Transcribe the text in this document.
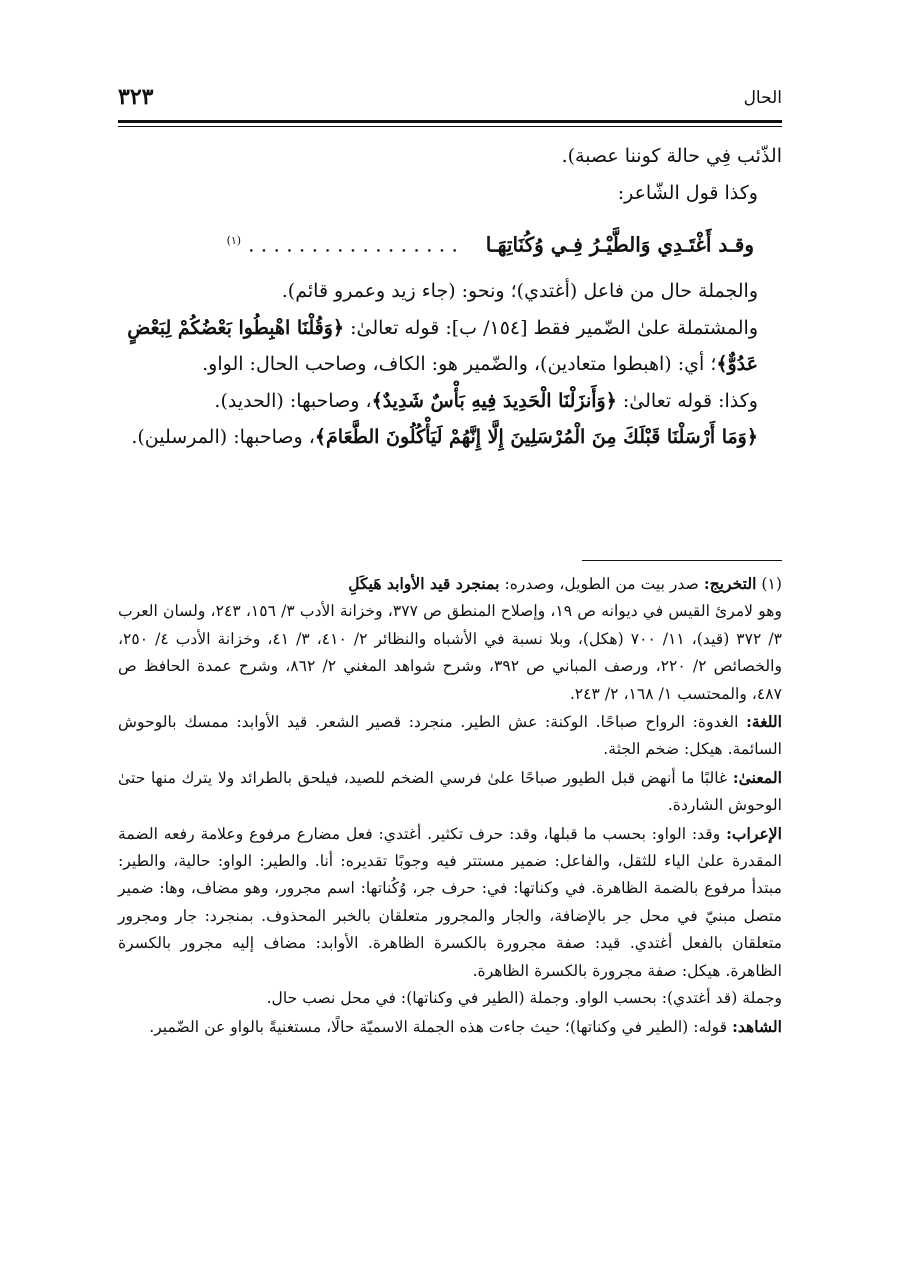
٣٢٣	الحال

الذّئب فِي حالة كوننا عصبة).

وكذا قول الشّاعر:

وقـد أَغْتَـدِي وَالطَّيْـرُ فِـي وُكُنَاتِهَـا    . . . . . . . . . . . . . . . . . $^{(١)}$

والجملة حال من فاعل (أغتدي)؛ ونحو: (جاء زيد وعمرو قائم).

والمشتملة علىٰ الضّمير فقط [١٥٤/ ب]: قوله تعالىٰ: ﴿وَقُلْنَا اهْبِطُوا بَعْضُكُمْ لِبَعْضٍ عَدُوٌّ﴾؛ أي: (اهبطوا متعادين)، والضّمير هو: الكاف، وصاحب الحال: الواو.

وكذا: قوله تعالىٰ: ﴿وَأَنزَلْنَا الْحَدِيدَ فِيهِ بَأْسٌ شَدِيدٌ﴾، وصاحبها: (الحديد).

﴿وَمَا أَرْسَلْنَا قَبْلَكَ مِنَ الْمُرْسَلِينَ إِلَّا إِنَّهُمْ لَيَأْكُلُونَ الطَّعَامَ﴾، وصاحبها: (المرسلين).

(١) التخريج: صدر بيت من الطويل، وصدره: بمنجرد قيد الأوابد هَيكَلِ

وهو لامرئ القيس في ديوانه ص ١٩، وإصلاح المنطق ص ٣٧٧، وخزانة الأدب ٣/ ١٥٦، ٢٤٣، ولسان العرب ٣/ ٣٧٢ (قيد)، ١١/ ٧٠٠ (هكل)، وبلا نسبة في الأشباه والنظائر ٢/ ٤١٠، ٣/ ٤١، وخزانة الأدب ٤/ ٢٥٠، والخصائص ٢/ ٢٢٠، ورصف المباني ص ٣٩٢، وشرح شواهد المغني ٢/ ٨٦٢، وشرح عمدة الحافظ ص ٤٨٧، والمحتسب ١/ ١٦٨، ٢/ ٢٤٣.

اللغة: الغدوة: الرواح صباحًا. الوكنة: عش الطير. منجرد: قصير الشعر. قيد الأوابد: ممسك بالوحوش السائمة. هيكل: ضخم الجثة.

المعنىٰ: غالبًا ما أنهض قبل الطيور صباحًا علىٰ فرسي الضخم للصيد، فيلحق بالطرائد ولا يترك منها حتىٰ الوحوش الشاردة.

الإعراب: وقد: الواو: بحسب ما قبلها، وقد: حرف تكثير. أغتدي: فعل مضارع مرفوع وعلامة رفعه الضمة المقدرة علىٰ الياء للثقل، والفاعل: ضمير مستتر فيه وجوبًا تقديره: أنا. والطير: الواو: حالية، والطير: مبتدأ مرفوع بالضمة الظاهرة. في وكناتها: في: حرف جر، وُكُناتها: اسم مجرور، وهو مضاف، وها: ضمير متصل مبنيّ في محل جر بالإضافة، والجار والمجرور متعلقان بالخبر المحذوف. بمنجرد: جار ومجرور متعلقان بالفعل أغتدي. قيد: صفة مجرورة بالكسرة الظاهرة. الأوابد: مضاف إليه مجرور بالكسرة الظاهرة. هيكل: صفة مجرورة بالكسرة الظاهرة.

وجملة (قد أغتدي): بحسب الواو. وجملة (الطير في وكناتها): في محل نصب حال.

الشاهد: قوله: (الطير في وكناتها)؛ حيث جاءت هذه الجملة الاسميّة حالًا، مستغنيةً بالواو عن الضّمير.
